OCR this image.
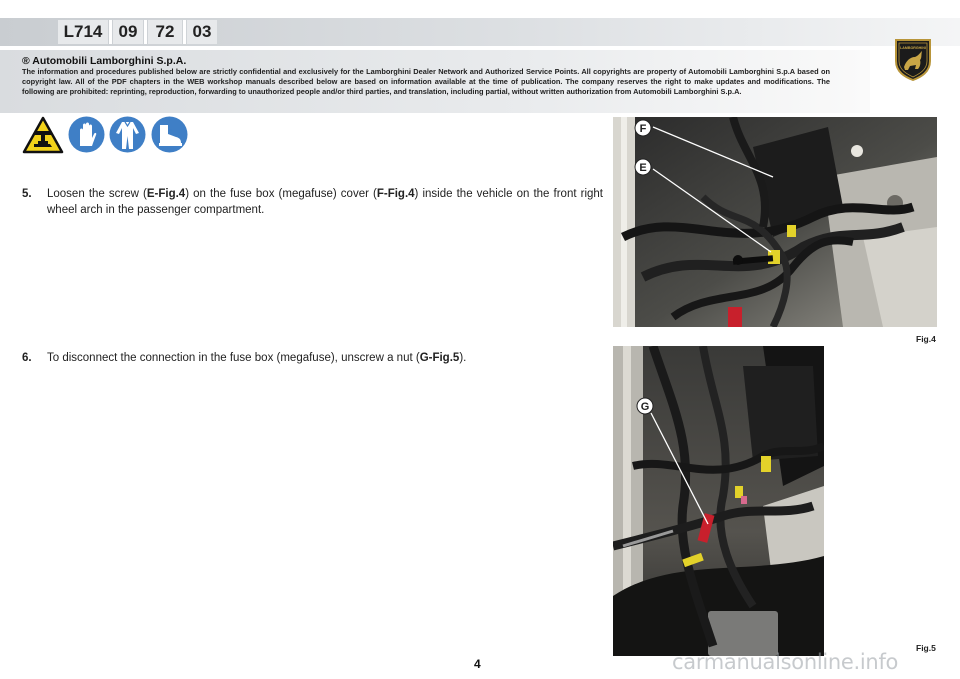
L714 09	72	03
LAMBORGHINI
® Automobili Lamborghini S.p.A.
The information and procedures published below are strictly confidential and exclusively for the Lamborghini Dealer Network and Authorized Service Points. All copyrights are property of Automobili Lamborghini S.p.A based on copyright law. All of the PDF chapters in the WEB workshop manuals described below are based on information available at the time of publication. The company reserves the right to make updates and modifications. The following are prohibited: reprinting, reproduction, forwarding to unauthorized people and/or third parties, and translation, including partial, without written authorization from Automobili Lamborghini S.p.A.
5. Loosen the screw (E-Fig.4) on the fuse box (megafuse) cover (F-Fig.4) inside the vehicle on the front right wheel arch in the passenger compartment.
6. To disconnect the connection in the fuse box (megafuse), unscrew a nut (G-Fig.5).
F
E
Fig.4
G
Fig.5
4	carmanualsonline.info
